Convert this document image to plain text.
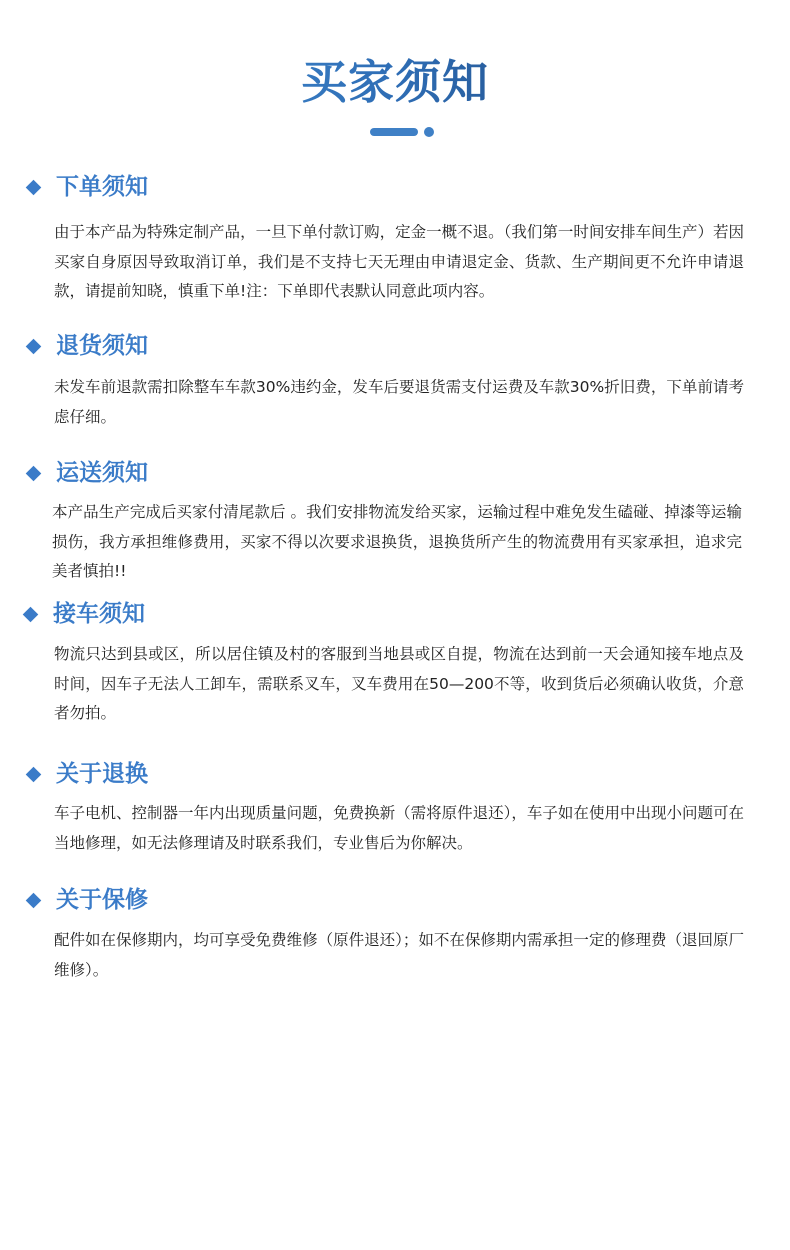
买家须知
下单须知

由于本产品为特殊定制产品，一旦下单付款订购，定金一概不退。（我们第一时间安排车间生产）若因买家自身原因导致取消订单，我们是不支持七天无理由申请退定金、货款、生产期间更不允许申请退款，请提前知晓，慎重下单!注：下单即代表默认同意此项内容。

退货须知

未发车前退款需扣除整车车款30%违约金，发车后要退货需支付运费及车款30%折旧费，下单前请考虑仔细。

运送须知

本产品生产完成后买家付清尾款后 。我们安排物流发给买家，运输过程中难免发生磕碰、掉漆等运输损伤，我方承担维修费用，买家不得以次要求退换货，退换货所产生的物流费用有买家承担，追求完美者慎拍!!

接车须知

物流只达到县或区，所以居住镇及村的客服到当地县或区自提，物流在达到前一天会通知接车地点及时间，因车子无法人工卸车，需联系叉车，叉车费用在50—200不等，收到货后必须确认收货，介意者勿拍。

关于退换

车子电机、控制器一年内出现质量问题，免费换新（需将原件退还），车子如在使用中出现小问题可在当地修理，如无法修理请及时联系我们，专业售后为你解决。

关于保修

配件如在保修期内，均可享受免费维修（原件退还）；如不在保修期内需承担一定的修理费（退回原厂维修）。
